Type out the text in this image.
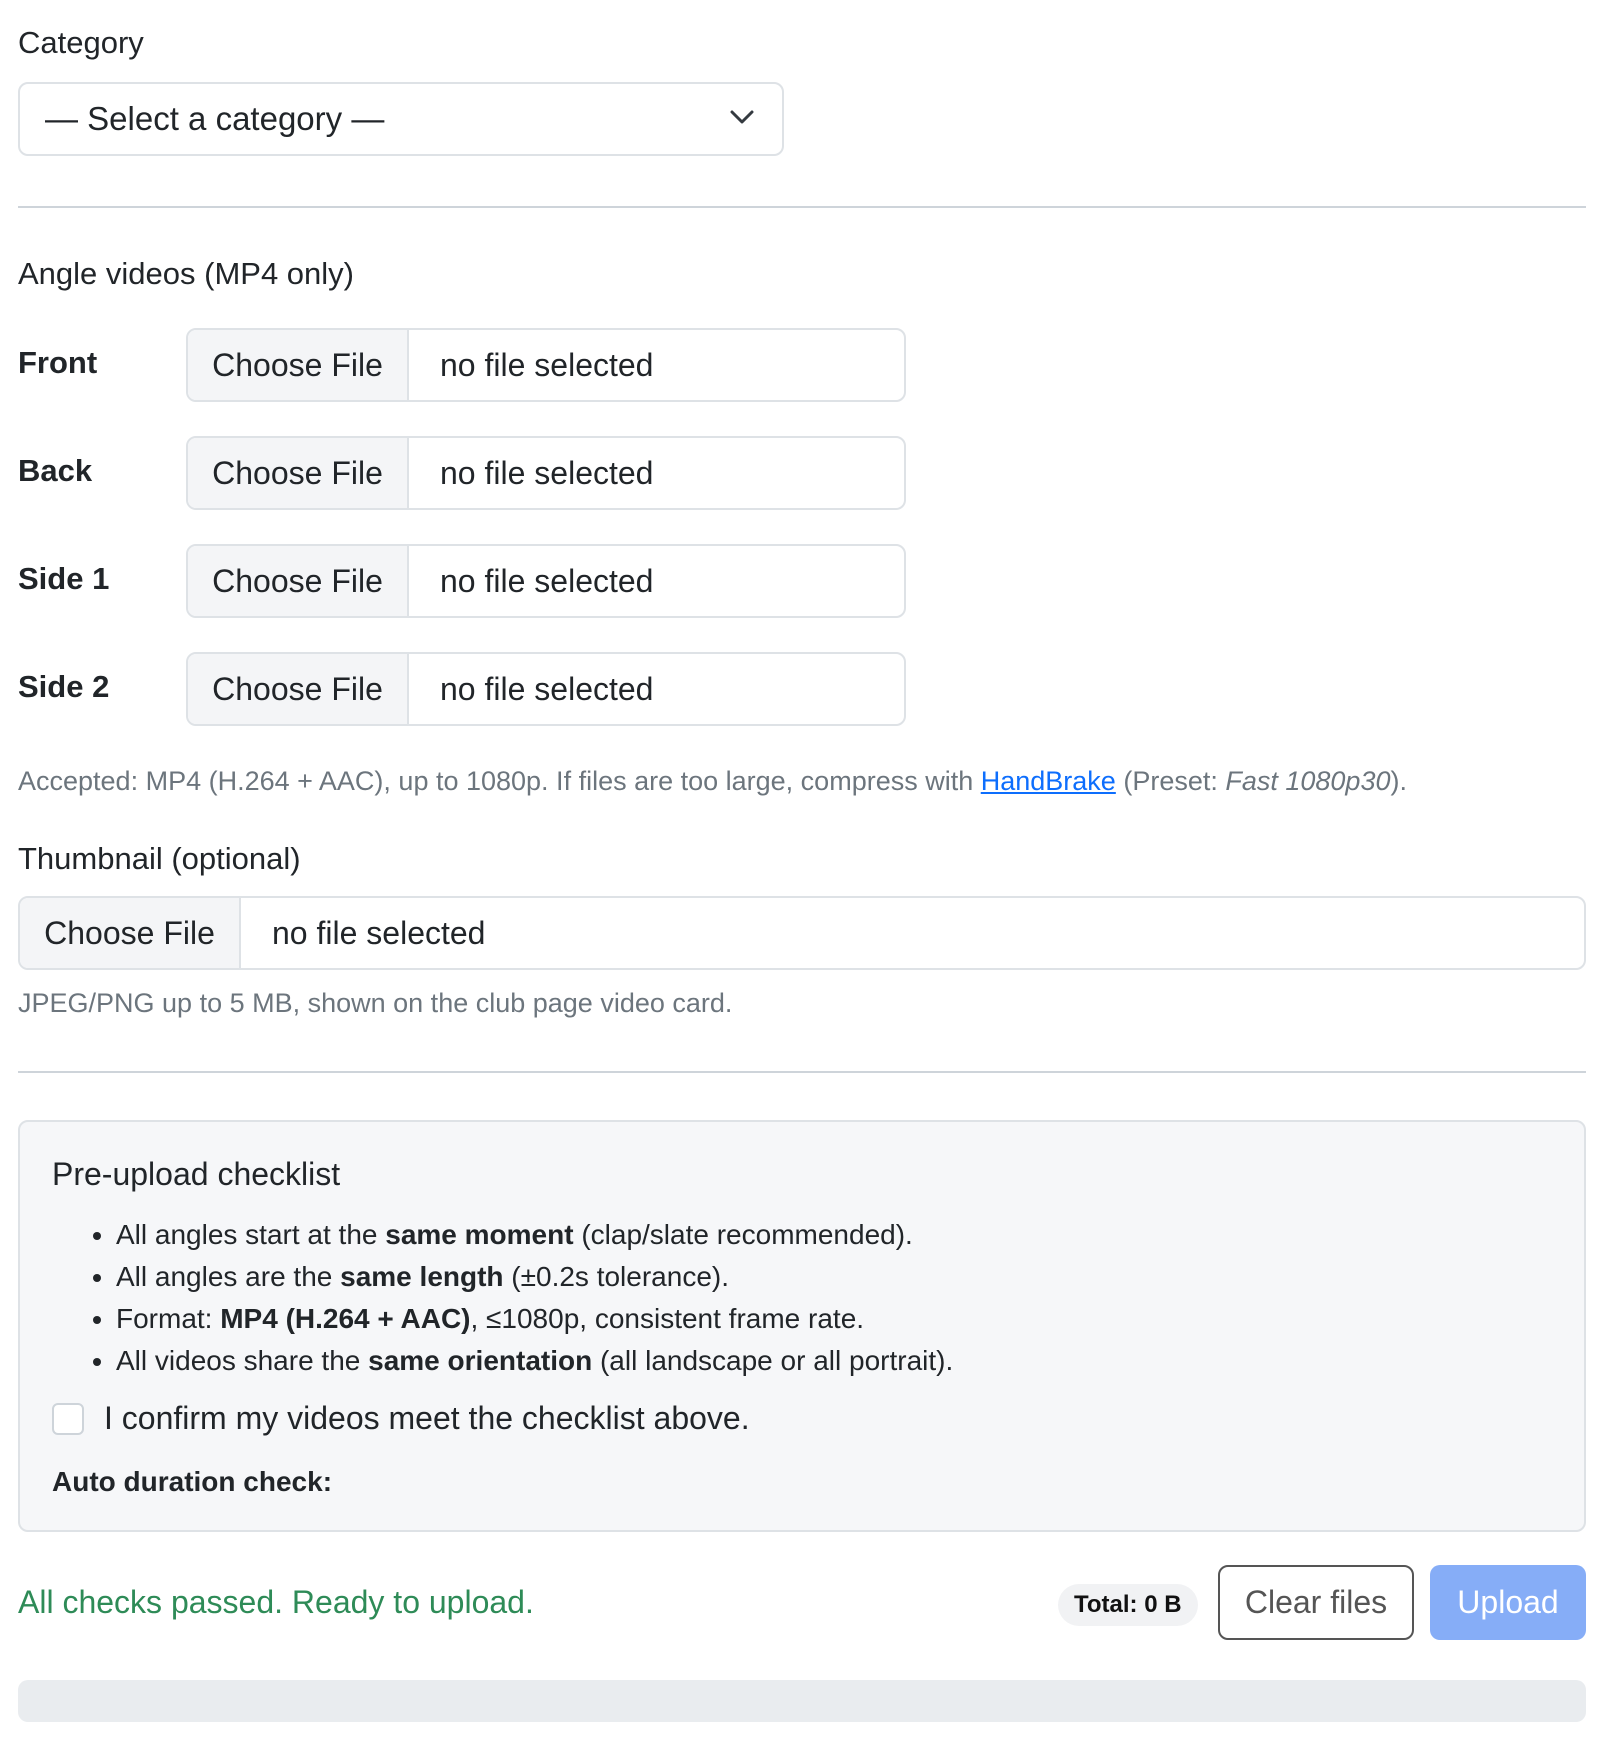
Category
— Select a category —
Angle videos (MP4 only)
Front	Choose File	no file selected
Back	Choose File	no file selected
Side 1	Choose File	no file selected
Side 2	Choose File	no file selected
Accepted: MP4 (H.264 + AAC), up to 1080p. If files are too large, compress with HandBrake (Preset: Fast 1080p30).
Thumbnail (optional)
Choose File	no file selected
JPEG/PNG up to 5 MB, shown on the club page video card.
Pre-upload checklist
• All angles start at the same moment (clap/slate recommended).
• All angles are the same length (±0.2s tolerance).
• Format: MP4 (H.264 + AAC), ≤1080p, consistent frame rate.
• All videos share the same orientation (all landscape or all portrait).
I confirm my videos meet the checklist above.
Auto duration check:
All checks passed. Ready to upload.	Total: 0 B	Clear files	Upload
